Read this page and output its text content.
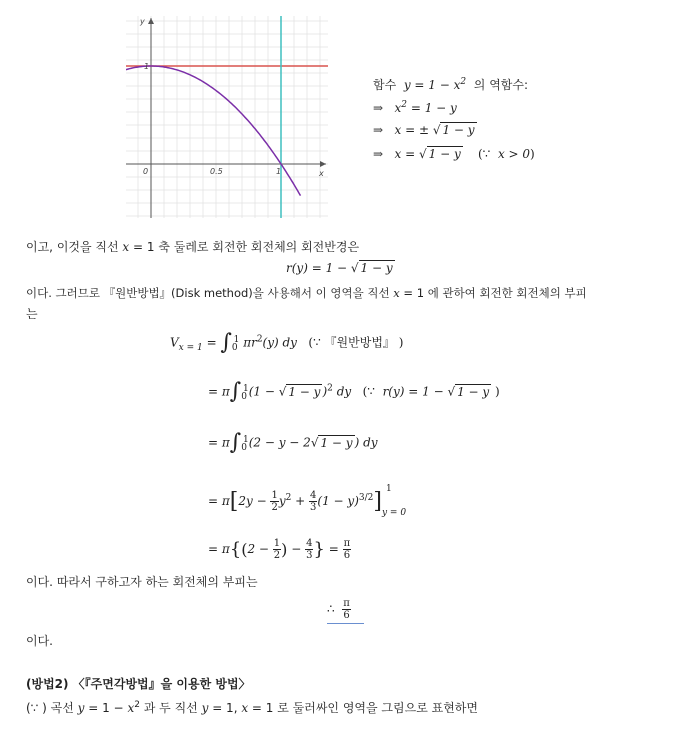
x
y
0	0.5	1
1
함수  $y = 1 - x^2$ 의 역함수:
⇒   $x^2 = 1 - y$
⇒   x = ± √ 1 − y
⇒   x = √ 1 − y (∵  x > 0)
이고, 이것을 직선 x = 1 축 둘레로 회전한 회전체의 회전반경은
r(y) = 1 − √ 1 − y
이다. 그러므로 『원반방법』(Disk method)을 사용해서 이 영역을 직선 x = 1 에 관하여 회전한 회전체의 부피
는
$V_{x = 1} = \int_0^1$ $\pi r^2(y)$ dy   (∵ 『원반방법』 )
= $\pi\int_0^1(1$ − √ 1 − y )$^2$ dy   (∵  r(y) = 1 − √ 1 − y )
= $\pi\int_0^1(2 - y - 2√$ 1 − y ) dy
= $\pi[2y - \frac{1}{2} y^2 + \frac{4}{3} (1 - y)^{3/2}]_{y = 0}^1$
= $\pi\{(2 - \frac{1}{2}$ ) − $\frac{4}{3}$ } = $\frac{\pi}{6}$
이다. 따라서 구하고자 하는 회전체의 부피는
∴ $\frac{\pi}{6}$
이다.
(방법2) 〈『주면각방법』을 이용한 방법〉
(∵ ) 곡선 $y = 1 - x^2$ 과 두 직선 y = 1, x = 1 로 둘러싸인 영역을 그림으로 표현하면
